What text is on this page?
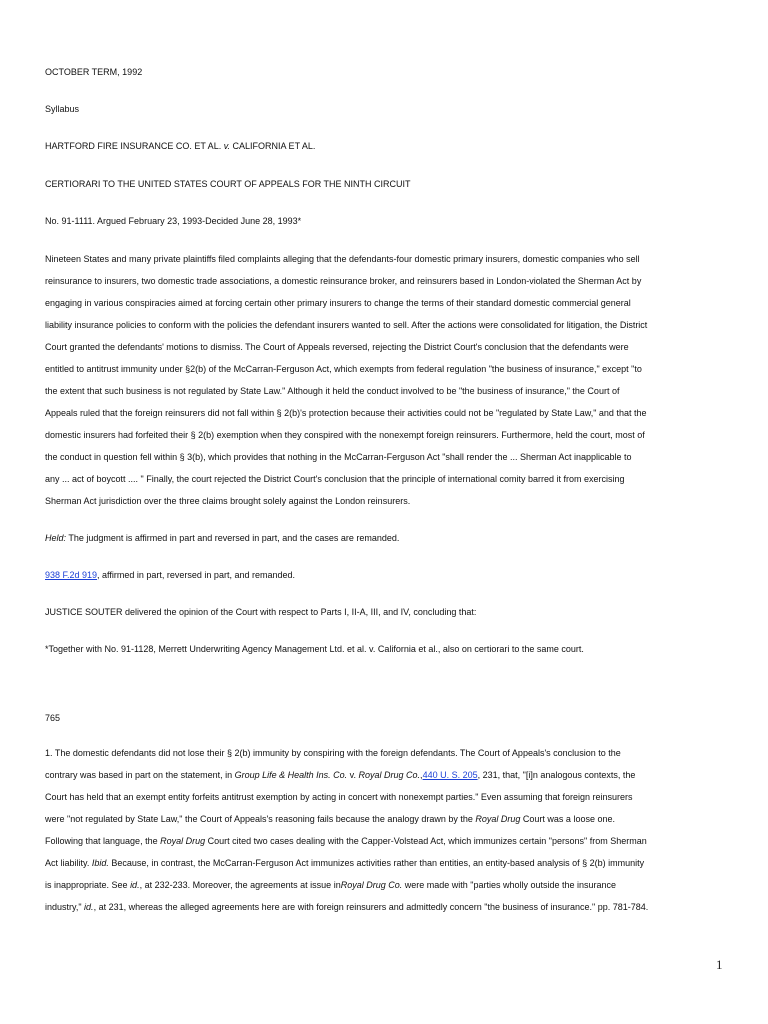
OCTOBER TERM, 1992
Syllabus
HARTFORD FIRE INSURANCE CO. ET AL. v. CALIFORNIA ET AL.
CERTIORARI TO THE UNITED STATES COURT OF APPEALS FOR THE NINTH CIRCUIT
No. 91-1111. Argued February 23, 1993-Decided June 28, 1993*
Nineteen States and many private plaintiffs filed complaints alleging that the defendants-four domestic primary insurers, domestic companies who sell
reinsurance to insurers, two domestic trade associations, a domestic reinsurance broker, and reinsurers based in London-violated the Sherman Act by
engaging in various conspiracies aimed at forcing certain other primary insurers to change the terms of their standard domestic commercial general
liability insurance policies to conform with the policies the defendant insurers wanted to sell. After the actions were consolidated for litigation, the District
Court granted the defendants' motions to dismiss. The Court of Appeals reversed, rejecting the District Court's conclusion that the defendants were
entitled to antitrust immunity under §2(b) of the McCarran-Ferguson Act, which exempts from federal regulation "the business of insurance," except "to
the extent that such business is not regulated by State Law." Although it held the conduct involved to be "the business of insurance," the Court of
Appeals ruled that the foreign reinsurers did not fall within § 2(b)'s protection because their activities could not be "regulated by State Law," and that the
domestic insurers had forfeited their § 2(b) exemption when they conspired with the nonexempt foreign reinsurers. Furthermore, held the court, most of
the conduct in question fell within § 3(b), which provides that nothing in the McCarran-Ferguson Act "shall render the ... Sherman Act inapplicable to
any ... act of boycott .... " Finally, the court rejected the District Court's conclusion that the principle of international comity barred it from exercising
Sherman Act jurisdiction over the three claims brought solely against the London reinsurers.
Held: The judgment is affirmed in part and reversed in part, and the cases are remanded.
938 F.2d 919, affirmed in part, reversed in part, and remanded.
JUSTICE SOUTER delivered the opinion of the Court with respect to Parts I, II-A, III, and IV, concluding that:
*Together with No. 91-1128, Merrett Underwriting Agency Management Ltd. et al. v. California et al., also on certiorari to the same court.
765
1. The domestic defendants did not lose their § 2(b) immunity by conspiring with the foreign defendants. The Court of Appeals's conclusion to the
contrary was based in part on the statement, in Group Life & Health Ins. Co. v. Royal Drug Co.,440 U. S. 205, 231, that, "[i]n analogous contexts, the
Court has held that an exempt entity forfeits antitrust exemption by acting in concert with nonexempt parties." Even assuming that foreign reinsurers
were "not regulated by State Law," the Court of Appeals's reasoning fails because the analogy drawn by the Royal Drug Court was a loose one.
Following that language, the Royal Drug Court cited two cases dealing with the Capper-Volstead Act, which immunizes certain "persons" from Sherman
Act liability. Ibid. Because, in contrast, the McCarran-Ferguson Act immunizes activities rather than entities, an entity-based analysis of § 2(b) immunity
is inappropriate. See id., at 232-233. Moreover, the agreements at issue inRoyal Drug Co. were made with "parties wholly outside the insurance
industry," id., at 231, whereas the alleged agreements here are with foreign reinsurers and admittedly concern "the business of insurance." pp. 781-784.
1
